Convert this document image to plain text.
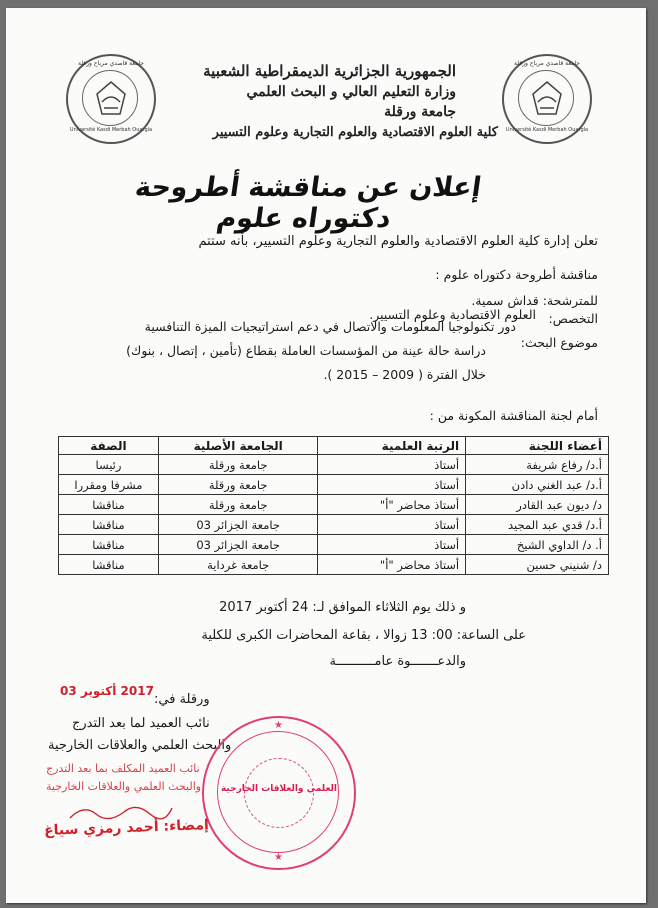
جامعة قاصدي مرباح ورقلة
Université Kasdi Merbah Ouargla
جامعة قاصدي مرباح ورقلة
Université Kasdi Merbah Ouargla
الجمهورية الجزائرية الديمقراطية الشعبية
وزارة التعليم العالي و البحث العلمي
جامعة ورقلة
كلية العلوم الاقتصادية والعلوم التجارية وعلوم التسيير
إعلان عن مناقشة أطروحة دكتوراه علوم
تعلن إدارة كلية العلوم الاقتصادية والعلوم التجارية وعلوم التسيير، بأنه ستتم
مناقشة أطروحة دكتوراه علوم :
للمترشحة: قداش سمية.
التخصص:
العلوم الاقتصادية وعلوم التسيير.
موضوع البحث:
دور تكنولوجيا المعلومات والاتصال في دعم استراتيجيات الميزة التنافسية
دراسة حالة عينة من المؤسسات العاملة بقطاع (تأمين ، إتصال ، بنوك)
خلال الفترة ( 2009 – 2015 ).
أمام لجنة المناقشة المكونة من :
أعضاء اللجنة	الرتبة العلمية	الجامعة الأصلية	الصفة
أ.د/ رفاع شريفة	أستاذ	جامعة ورقلة	رئيسا
أ.د/ عبد الغني دادن	أستاذ	جامعة ورقلة	مشرفا ومقررا
د/ ديون عبد القادر	أستاذ محاضر "أ"	جامعة ورقلة	مناقشا
أ.د/ قدي عبد المجيد	أستاذ	جامعة الجزائر 03	مناقشا
أ. د/ الداوي الشيخ	أستاذ	جامعة الجزائر 03	مناقشا
د/ شنيني حسين	أستاذ محاضر "أ"	جامعة غرداية	مناقشا
و ذلك يوم الثلاثاء الموافق لـ: 24 أكتوبر 2017
على الساعة: 00: 13 زوالا ، بقاعة المحاضرات الكبرى للكلية
والدعـــــــوة عامــــــــــة
ورقلة في:
2017 أكتوبر 03
نائب العميد لما بعد التدرج
والبحث العلمي والعلاقات الخارجية
نائب العميد المكلف بما بعد التدرج
والبحث العلمي والعلاقات الخارجية
★
★
العلمي والعلاقات الخارجية
إمضاء: أحمد رمزي سياغ
